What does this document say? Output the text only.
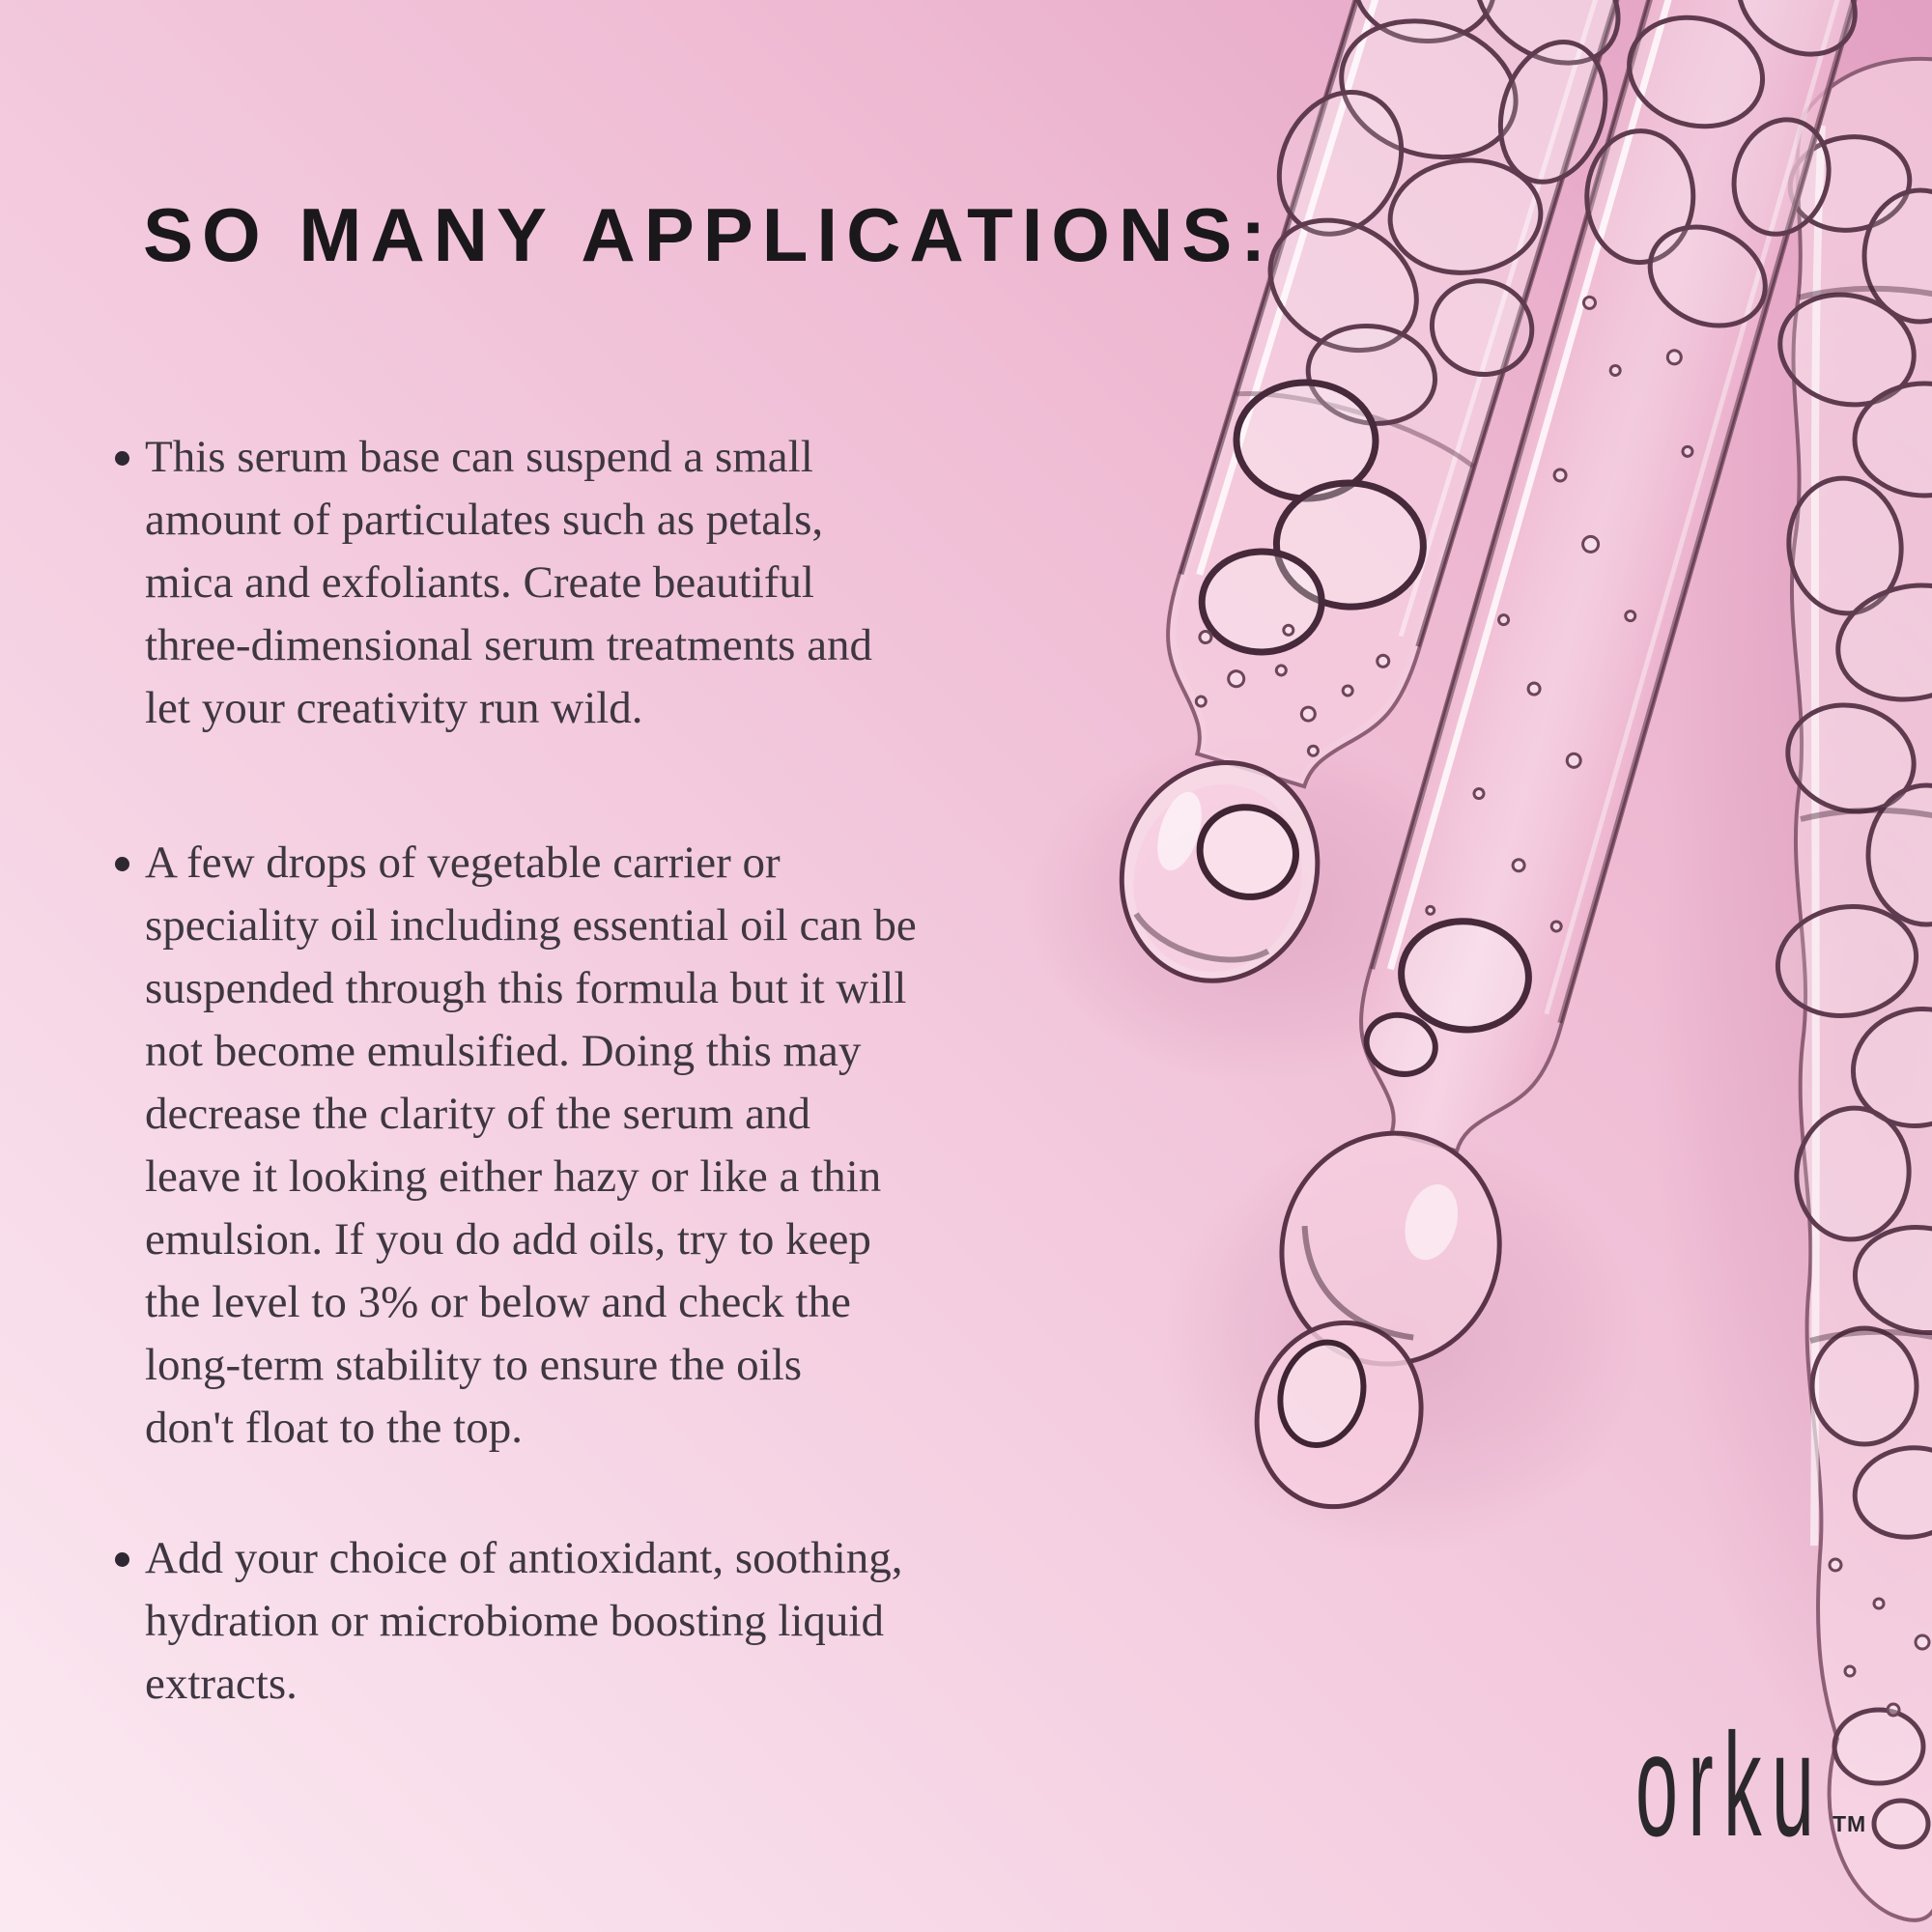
SO MANY APPLICATIONS:
This serum base can suspend a small
amount of particulates such as petals,
mica and exfoliants. Create beautiful
three-dimensional serum treatments and
let your creativity run wild.
A few drops of vegetable carrier or
speciality oil including essential oil can be
suspended through this formula but it will
not become emulsified. Doing this may
decrease the clarity of the serum and
leave it looking either hazy or like a thin
emulsion. If you do add oils, try to keep
the level to 3% or below and check the
long-term stability to ensure the oils
don't float to the top.
Add your choice of antioxidant, soothing,
hydration or microbiome boosting liquid
extracts.
orku TM
